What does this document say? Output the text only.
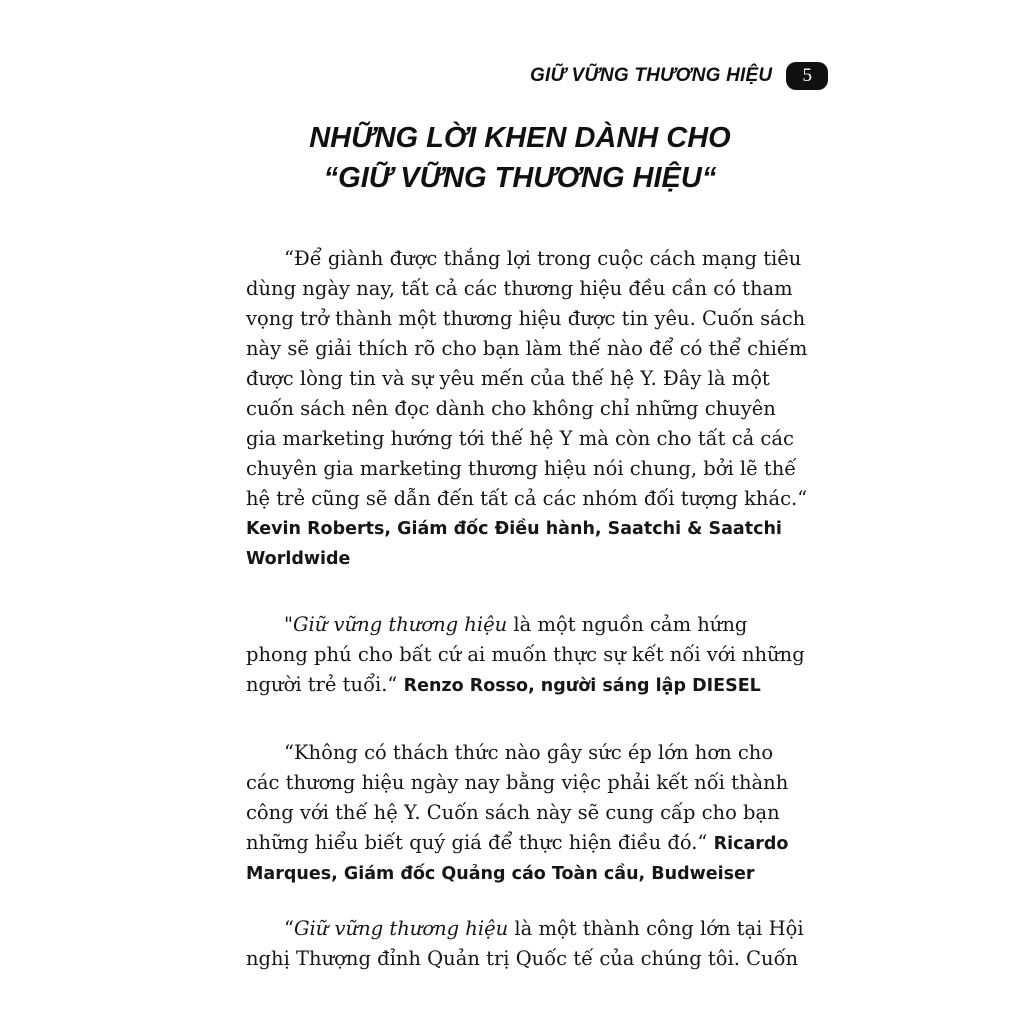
GIỮ VỮNG THƯƠNG HIỆU	5
NHỮNG LỜI KHEN DÀNH CHO
“GIỮ VỮNG THƯƠNG HIỆU“
“Để giành được thắng lợi trong cuộc cách mạng tiêu
dùng ngày nay, tất cả các thương hiệu đều cần có tham
vọng trở thành một thương hiệu được tin yêu. Cuốn sách
này sẽ giải thích rõ cho bạn làm thế nào để có thể chiếm
được lòng tin và sự yêu mến của thế hệ Y. Đây là một
cuốn sách nên đọc dành cho không chỉ những chuyên
gia marketing hướng tới thế hệ Y mà còn cho tất cả các
chuyên gia marketing thương hiệu nói chung, bởi lẽ thế
hệ trẻ cũng sẽ dẫn đến tất cả các nhóm đối tượng khác.“
Kevin Roberts, Giám đốc Điều hành, Saatchi & Saatchi
Worldwide
"Giữ vững thương hiệu là một nguồn cảm hứng
phong phú cho bất cứ ai muốn thực sự kết nối với những
người trẻ tuổi.“ Renzo Rosso, người sáng lập DIESEL
“Không có thách thức nào gây sức ép lớn hơn cho
các thương hiệu ngày nay bằng việc phải kết nối thành
công với thế hệ Y. Cuốn sách này sẽ cung cấp cho bạn
những hiểu biết quý giá để thực hiện điều đó.“ Ricardo
Marques, Giám đốc Quảng cáo Toàn cầu, Budweiser
“Giữ vững thương hiệu là một thành công lớn tại Hội
nghị Thượng đỉnh Quản trị Quốc tế của chúng tôi. Cuốn
